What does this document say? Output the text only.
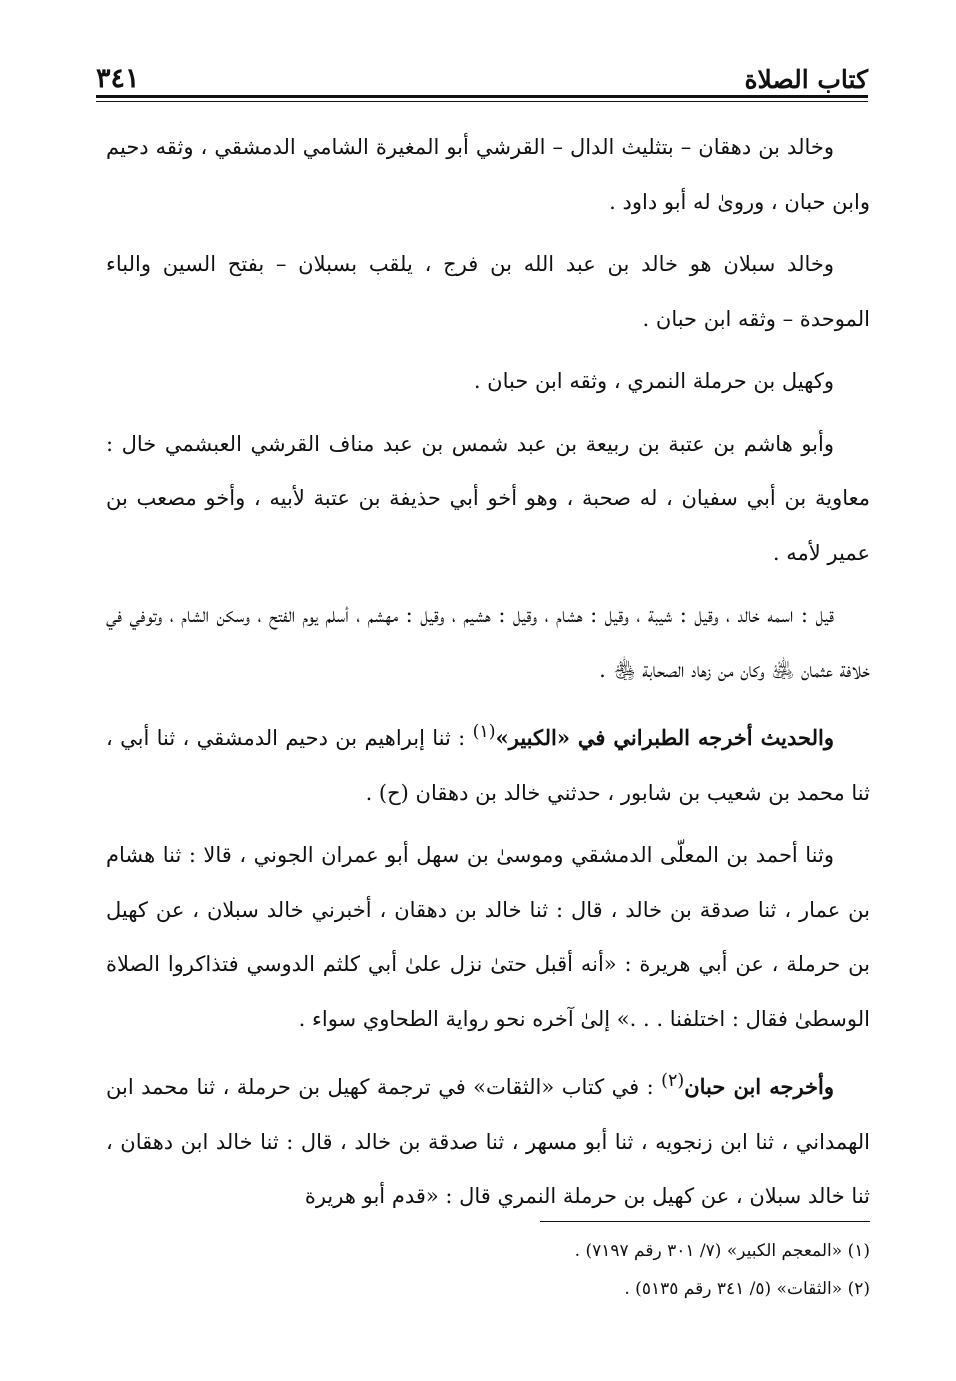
كتاب الصلاة
٣٤١

وخالد بن دهقان – بتثليث الدال – القرشي أبو المغيرة الشامي الدمشقي ، وثقه دحيم وابن حبان ، وروىٰ له أبو داود .

وخالد سبلان هو خالد بن عبد الله بن فرج ، يلقب بسبلان – بفتح السين والباء الموحدة – وثقه ابن حبان .

وكهيل بن حرملة النمري ، وثقه ابن حبان .

وأبو هاشم بن عتبة بن ربيعة بن عبد شمس بن عبد مناف القرشي العبشمي خال : معاوية بن أبي سفيان ، له صحبة ، وهو أخو أبي حذيفة بن عتبة لأبيه ، وأخو مصعب بن عمير لأمه .

قيل : اسمه خالد ، وقيل : شيبة ، وقيل : هشام ، وقيل : هشيم ، وقيل : مهشم ، أسلم يوم الفتح ، وسكن الشام ، وتوفي في خلافة عثمان ﵁ وكان من زهاد الصحابة ﵃ .

والحديث أخرجه الطبراني في «الكبير»$^{(١)}$ : ثنا إبراهيم بن دحيم الدمشقي ، ثنا أبي ، ثنا محمد بن شعيب بن شابور ، حدثني خالد بن دهقان (ح) .

وثنا أحمد بن المعلّى الدمشقي وموسىٰ بن سهل أبو عمران الجوني ، قالا : ثنا هشام بن عمار ، ثنا صدقة بن خالد ، قال : ثنا خالد بن دهقان ، أخبرني خالد سبلان ، عن كهيل بن حرملة ، عن أبي هريرة : «أنه أقبل حتىٰ نزل علىٰ أبي كلثم الدوسي فتذاكروا الصلاة الوسطىٰ فقال : اختلفنا . . .» إلىٰ آخره نحو رواية الطحاوي سواء .

وأخرجه ابن حبان$^{(٢)}$ : في كتاب «الثقات» في ترجمة كهيل بن حرملة ، ثنا محمد ابن الهمداني ، ثنا ابن زنجويه ، ثنا أبو مسهر ، ثنا صدقة بن خالد ، قال : ثنا خالد ابن دهقان ، ثنا خالد سبلان ، عن كهيل بن حرملة النمري قال : «قدم أبو هريرة

(١) «المعجم الكبير» (٧/ ٣٠١ رقم ٧١٩٧) .

(٢) «الثقات» (٥/ ٣٤١ رقم ٥١٣٥) .
